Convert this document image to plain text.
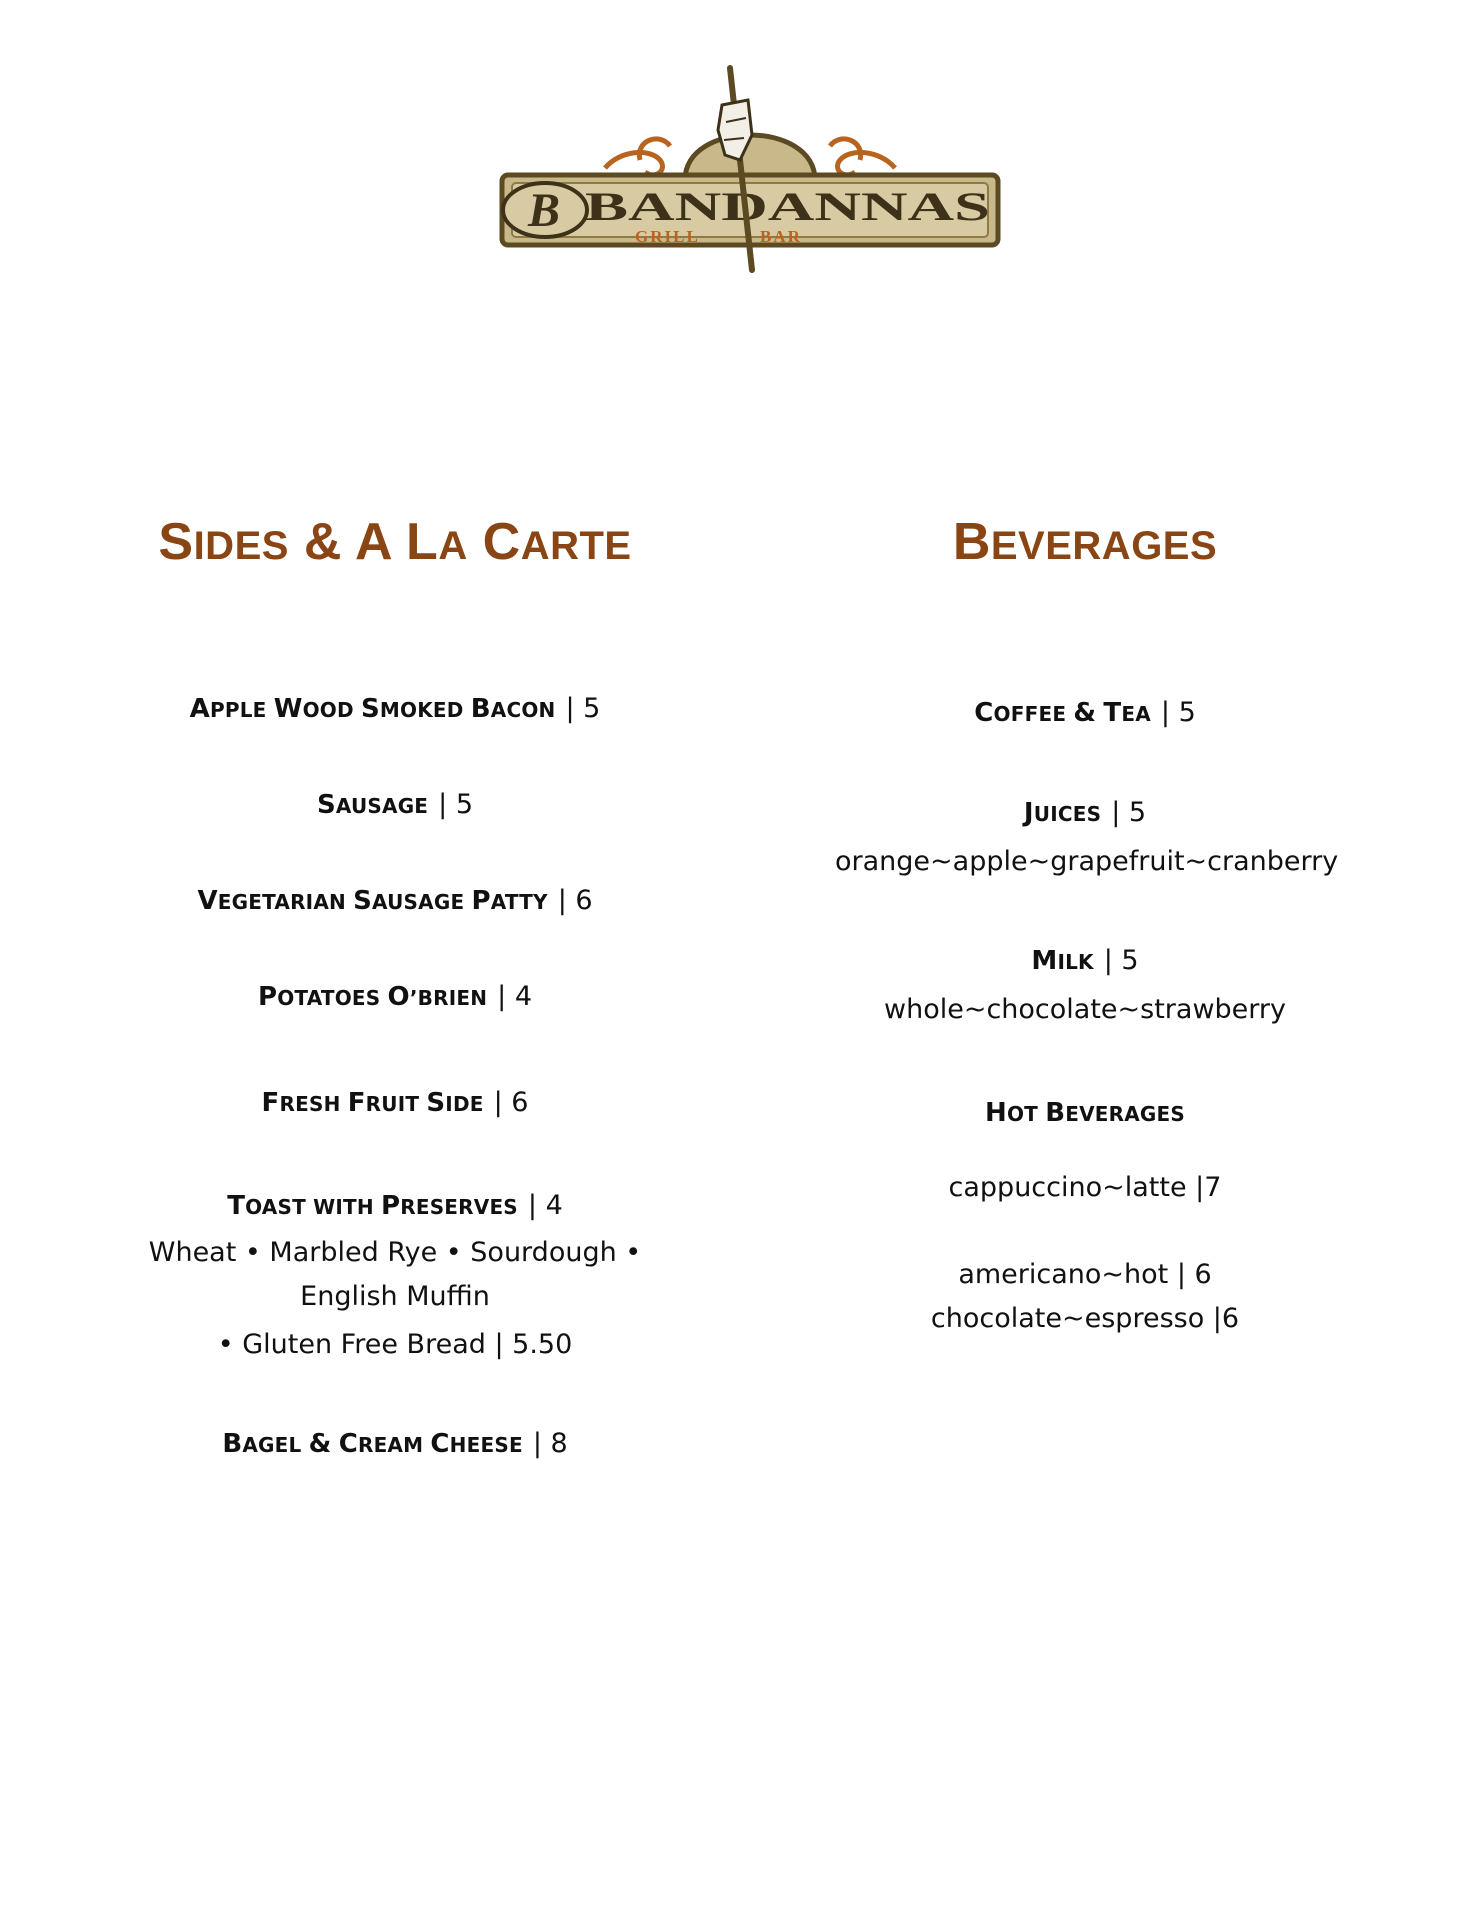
B BANDANNAS
GRILL	BAR
SIDES & A LA CARTE
APPLE WOOD SMOKED BACON | 5
SAUSAGE | 5
VEGETARIAN SAUSAGE PATTY | 6
POTATOES O’BRIEN | 4
FRESH FRUIT SIDE | 6
TOAST WITH PRESERVES | 4
Wheat • Marbled Rye • Sourdough •
English Muffin
• Gluten Free Bread | 5.50
BAGEL & CREAM CHEESE | 8
BEVERAGES
COFFEE & TEA | 5
JUICES | 5
orange~apple~grapefruit~cranberry
MILK | 5
whole~chocolate~strawberry
HOT BEVERAGES
cappuccino~latte |7
americano~hot | 6
chocolate~espresso |6
